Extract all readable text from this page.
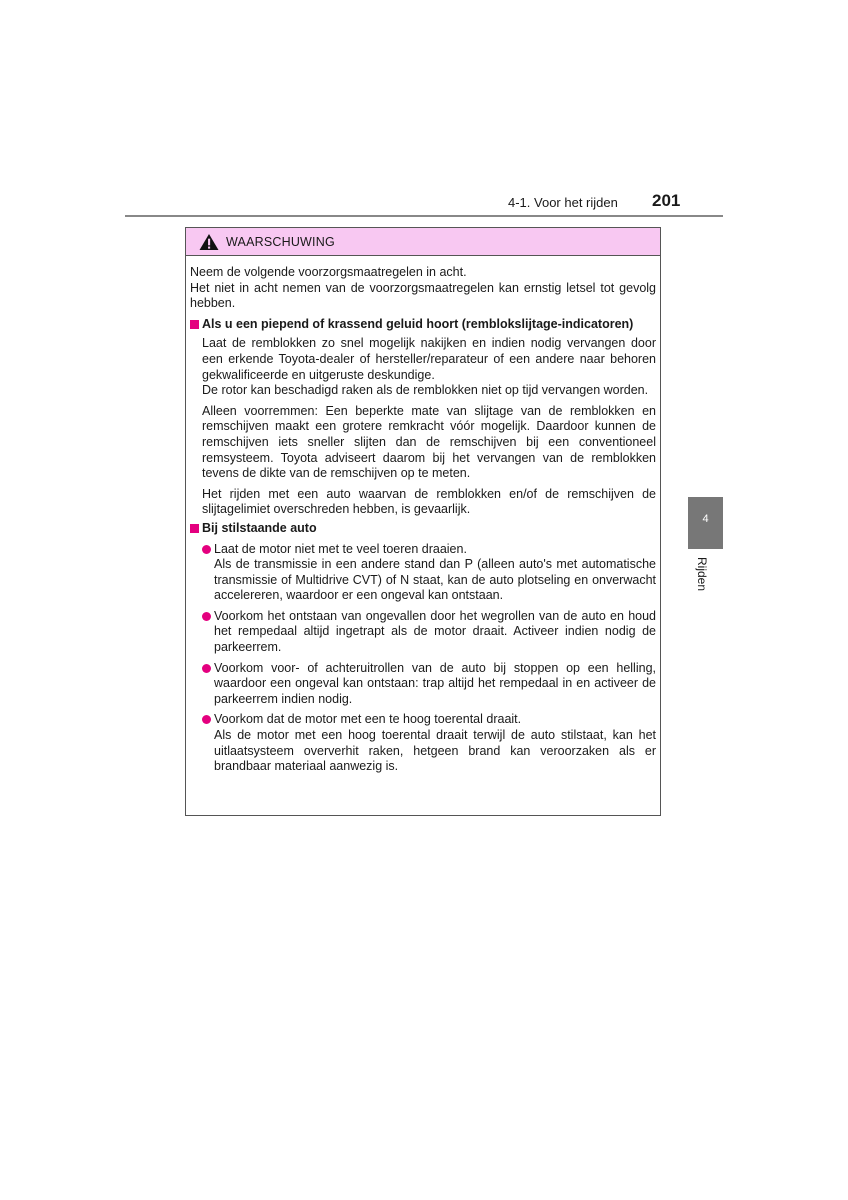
4-1. Voor het rijden 201
4
Rijden
WAARSCHUWING

Neem de volgende voorzorgsmaatregelen in acht.

Het niet in acht nemen van de voorzorgsmaatregelen kan ernstig letsel tot gevolg hebben.

Als u een piepend of krassend geluid hoort (remblokslijtage-indicatoren)

Laat de remblokken zo snel mogelijk nakijken en indien nodig vervangen door een erkende Toyota-dealer of hersteller/reparateur of een andere naar behoren gekwalificeerde en uitgeruste deskundige.

De rotor kan beschadigd raken als de remblokken niet op tijd vervangen worden.

Alleen voorremmen: Een beperkte mate van slijtage van de remblokken en remschijven maakt een grotere remkracht vóór mogelijk. Daardoor kunnen de remschijven iets sneller slijten dan de remschijven bij een conventioneel remsysteem. Toyota adviseert daarom bij het vervangen van de remblokken tevens de dikte van de remschijven op te meten.

Het rijden met een auto waarvan de remblokken en/of de remschijven de slijtagelimiet overschreden hebben, is gevaarlijk.

Bij stilstaande auto

Laat de motor niet met te veel toeren draaien.

Als de transmissie in een andere stand dan P (alleen auto's met automatische transmissie of Multidrive CVT) of N staat, kan de auto plotseling en onverwacht accelereren, waardoor er een ongeval kan ontstaan.

Voorkom het ontstaan van ongevallen door het wegrollen van de auto en houd het rempedaal altijd ingetrapt als de motor draait. Activeer indien nodig de parkeerrem.

Voorkom voor- of achteruitrollen van de auto bij stoppen op een helling, waardoor een ongeval kan ontstaan: trap altijd het rempedaal in en activeer de parkeerrem indien nodig.

Voorkom dat de motor met een te hoog toerental draait.

Als de motor met een hoog toerental draait terwijl de auto stilstaat, kan het uitlaatsysteem oververhit raken, hetgeen brand kan veroorzaken als er brandbaar materiaal aanwezig is.
